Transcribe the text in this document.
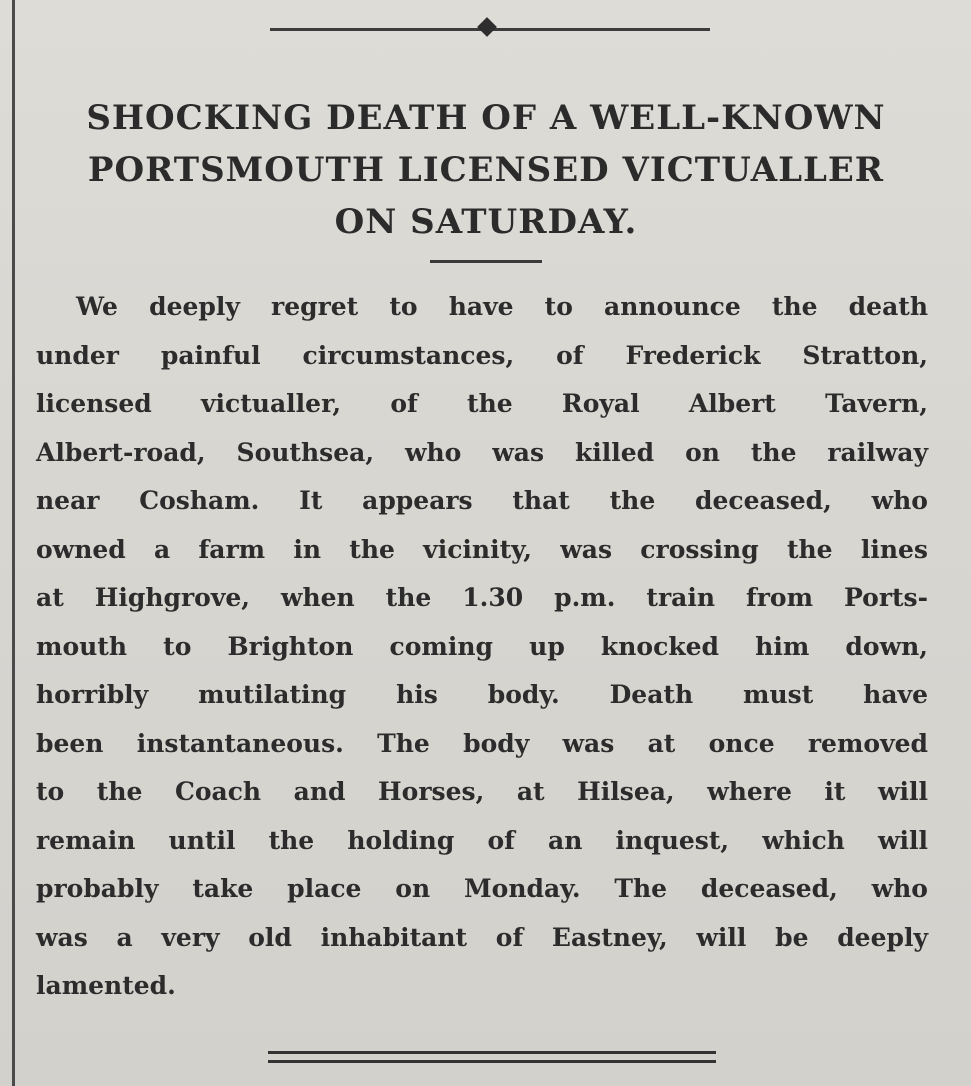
SHOCKING DEATH OF A WELL-KNOWN
PORTSMOUTH LICENSED VICTUALLER
ON SATURDAY.
We deeply regret to have to announce the death
under painful circumstances, of Frederick Stratton,
licensed victualler, of the Royal Albert Tavern,
Albert-road, Southsea, who was killed on the railway
near Cosham. It appears that the deceased, who
owned a farm in the vicinity, was crossing the lines
at Highgrove, when the 1.30 p.m. train from Ports-
mouth to Brighton coming up knocked him down,
horribly mutilating his body. Death must have
been instantaneous. The body was at once removed
to the Coach and Horses, at Hilsea, where it will
remain until the holding of an inquest, which will
probably take place on Monday. The deceased, who
was a very old inhabitant of Eastney, will be deeply
lamented.
